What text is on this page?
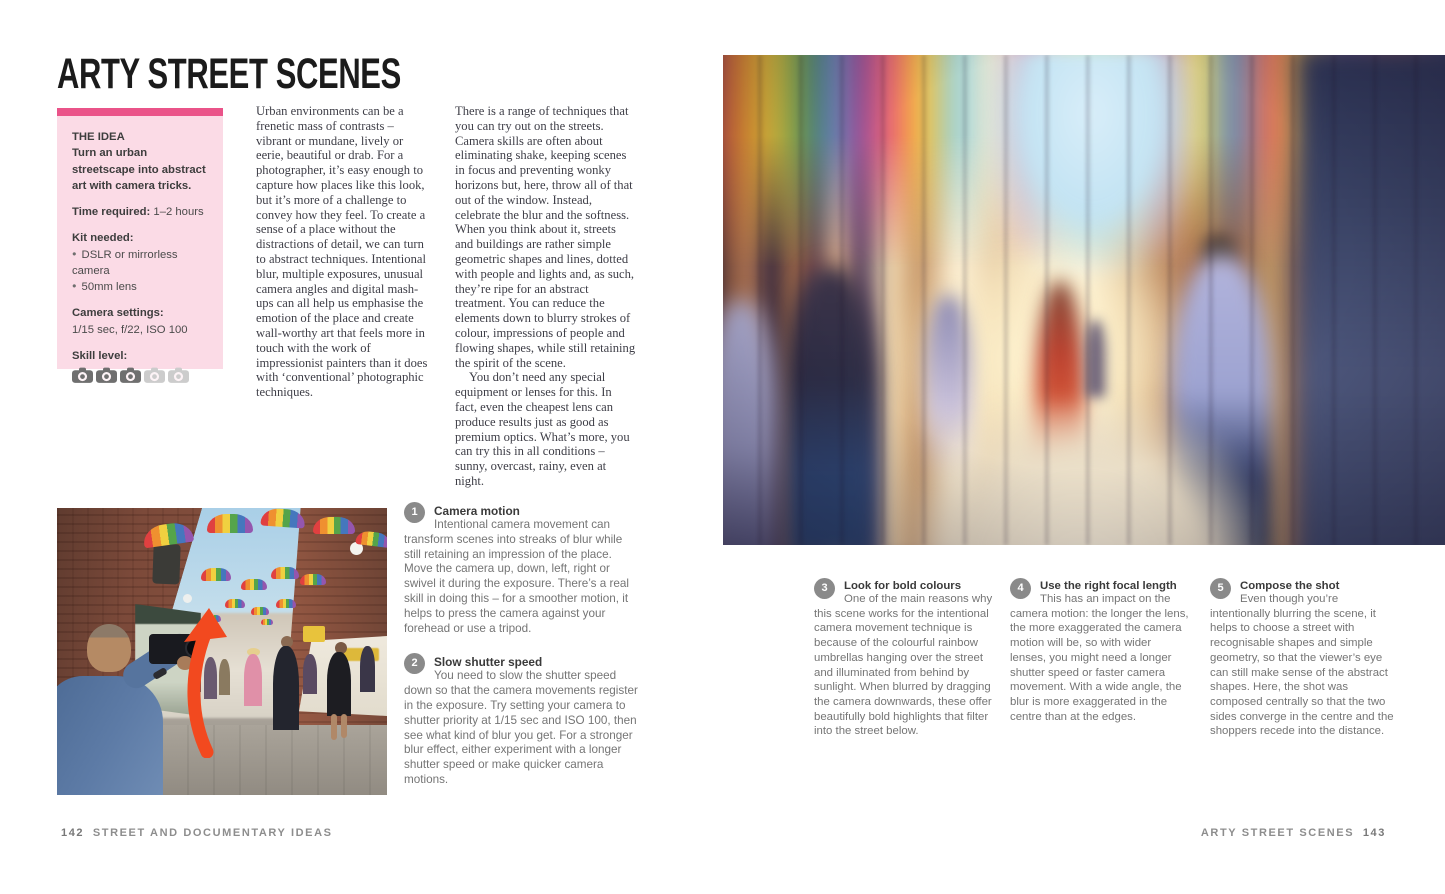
ARTY STREET SCENES
THE IDEA
Turn an urban streetscape into abstract art with camera tricks.
Time required: 1–2 hours
Kit needed:
● DSLR or mirrorless camera
● 50mm lens
Camera settings:
1/15 sec, f/22, ISO 100
Skill level:

Urban environments can be a frenetic mass of contrasts – vibrant or mundane, lively or eerie, beautiful or drab. For a photographer, it’s easy enough to capture how places like this look, but it’s more of a challenge to convey how they feel. To create a sense of a place without the distractions of detail, we can turn to abstract techniques. Intentional blur, multiple exposures, unusual camera angles and digital mash-ups can all help us emphasise the emotion of the place and create wall-worthy art that feels more in touch with the work of impressionist painters than it does with ‘conventional’ photographic techniques.

There is a range of techniques that you can try out on the streets. Camera skills are often about eliminating shake, keeping scenes in focus and preventing wonky horizons but, here, throw all of that out of the window. Instead, celebrate the blur and the softness. When you think about it, streets and buildings are rather simple geometric shapes and lines, dotted with people and lights and, as such, they’re ripe for an abstract treatment. You can reduce the elements down to blurry strokes of colour, impressions of people and flowing shapes, while still retaining the spirit of the scene.

You don’t need any special equipment or lenses for this. In fact, even the cheapest lens can produce results just as good as premium optics. What’s more, you can try this in all conditions – sunny, overcast, rainy, even at night.

1	Camera motion
Intentional camera movement can transform scenes into streaks of blur while still retaining an impression of the place. Move the camera up, down, left, right or swivel it during the exposure. There’s a real skill in doing this – for a smoother motion, it helps to press the camera against your forehead or use a tripod.
2	Slow shutter speed
You need to slow the shutter speed down so that the camera movements register in the exposure. Try setting your camera to shutter priority at 1/15 sec and ISO 100, then see what kind of blur you get. For a stronger blur effect, either experiment with a longer shutter speed or make quicker camera motions.
3	Look for bold colours
One of the main reasons why this scene works for the intentional camera movement technique is because of the colourful rainbow umbrellas hanging over the street and illuminated from behind by sunlight. When blurred by dragging the camera downwards, these offer beautifully bold highlights that filter into the street below.
4	Use the right focal length
This has an impact on the camera motion: the longer the lens, the more exaggerated the camera motion will be, so with wider lenses, you might need a longer shutter speed or faster camera movement. With a wide angle, the blur is more exaggerated in the centre than at the edges.
5	Compose the shot
Even though you’re intentionally blurring the scene, it helps to choose a street with recognisable shapes and simple geometry, so that the viewer’s eye can still make sense of the abstract shapes. Here, the shot was composed centrally so that the two sides converge in the centre and the shoppers recede into the distance.
142 STREET AND DOCUMENTARY IDEAS	ARTY STREET SCENES 143
